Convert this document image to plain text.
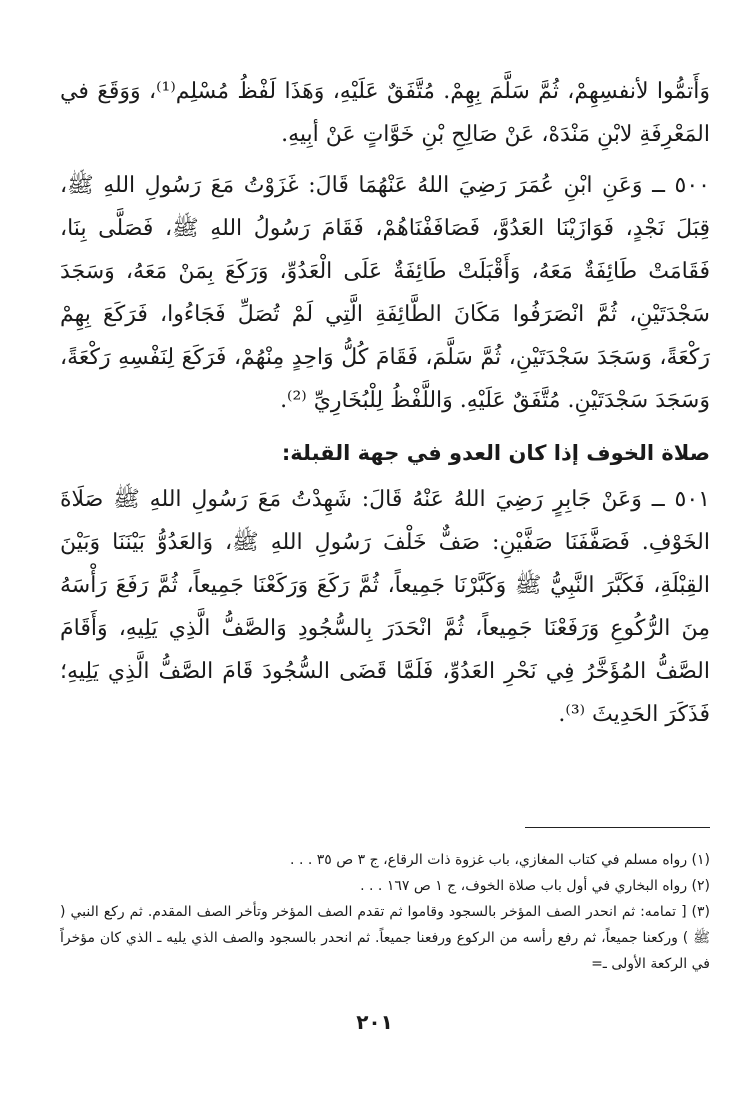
وَأَتمُّوا لأنفسِهِمْ، ثُمَّ سَلَّمَ بِهِمْ. مُتَّفَقٌ عَلَيْهِ، وَهَذَا لَفْظُ مُسْلِم⁽¹⁾، وَوَقَعَ في المَعْرِفَةِ لابْنِ مَنْدَهْ، عَنْ صَالِحِ بْنِ خَوَّاتٍ عَنْ أبِيهِ.

٥٠٠ ــ وَعَنِ ابْنِ عُمَرَ رَضِيَ اللهُ عَنْهُمَا قَالَ: غَزَوْتُ مَعَ رَسُولِ اللهِ ﷺ، قِبَلَ نَجْدٍ، فَوَازَيْنَا العَدُوَّ، فَصَافَفْنَاهُمْ، فَقَامَ رَسُولُ اللهِ ﷺ، فَصَلَّى بِنَا، فَقَامَتْ طَائِفَةٌ مَعَهُ، وَأَقْبَلَتْ طَائِفَةٌ عَلَى الْعَدُوِّ، وَرَكَعَ بِمَنْ مَعَهُ، وَسَجَدَ سَجْدَتَيْنِ، ثُمَّ انْصَرَفُوا مَكَانَ الطَّائِفَةِ الَّتِي لَمْ تُصَلِّ فَجَاءُوا، فَرَكَعَ بِهِمْ رَكْعَةً، وَسَجَدَ سَجْدَتَيْنِ، ثُمَّ سَلَّمَ، فَقَامَ كُلُّ وَاحِدٍ مِنْهُمْ، فَرَكَعَ لِنَفْسِهِ رَكْعَةً، وَسَجَدَ سَجْدَتَيْنِ. مُتَّفَقٌ عَلَيْهِ. وَاللَّفْظُ لِلْبُخَارِيِّ ⁽²⁾.

صلاة الخوف إذا كان العدو في جهة القبلة:

٥٠١ ــ وَعَنْ جَابِرٍ رَضِيَ اللهُ عَنْهُ قَالَ: شَهِدْتُ مَعَ رَسُولِ اللهِ ﷺ صَلَاةَ الخَوْفِ. فَصَفَّفَنَا صَفَّيْنِ: صَفٌّ خَلْفَ رَسُولِ اللهِ ﷺ، وَالعَدُوُّ بَيْنَنَا وَبَيْنَ القِبْلَةِ، فَكَبَّرَ النَّبِيُّ ﷺ وَكَبَّرْنَا جَمِيعاً، ثُمَّ رَكَعَ وَرَكَعْنَا جَمِيعاً، ثُمَّ رَفَعَ رَأْسَهُ مِنَ الرُّكُوعِ وَرَفَعْنَا جَمِيعاً، ثُمَّ انْحَدَرَ بِالسُّجُودِ وَالصَّفُّ الَّذِي يَلِيهِ، وَأَقَامَ الصَّفُّ المُؤَخَّرُ فِي نَحْرِ العَدُوِّ، فَلَمَّا قَضَى السُّجُودَ قَامَ الصَّفُّ الَّذِي يَلِيهِ؛ فَذَكَرَ الحَدِيثَ ⁽³⁾.

(١) رواه مسلم في كتاب المغازي، باب غزوة ذات الرقاع، ج ٣ ص ٣٥ . . .

(٢) رواه البخاري في أول باب صلاة الخوف، ج ١ ص ١٦٧ . . .

(٣) [ تمامه: ثم انحدر الصف المؤخر بالسجود وقاموا ثم تقدم الصف المؤخر وتأخر الصف المقدم. ثم ركع النبي ( ﷺ ) وركعنا جميعاً، ثم رفع رأسه من الركوع ورفعنا جميعاً. ثم انحدر بالسجود والصف الذي يليه ـ الذي كان مؤخراً في الركعة الأولى ـ=

٢٠١
